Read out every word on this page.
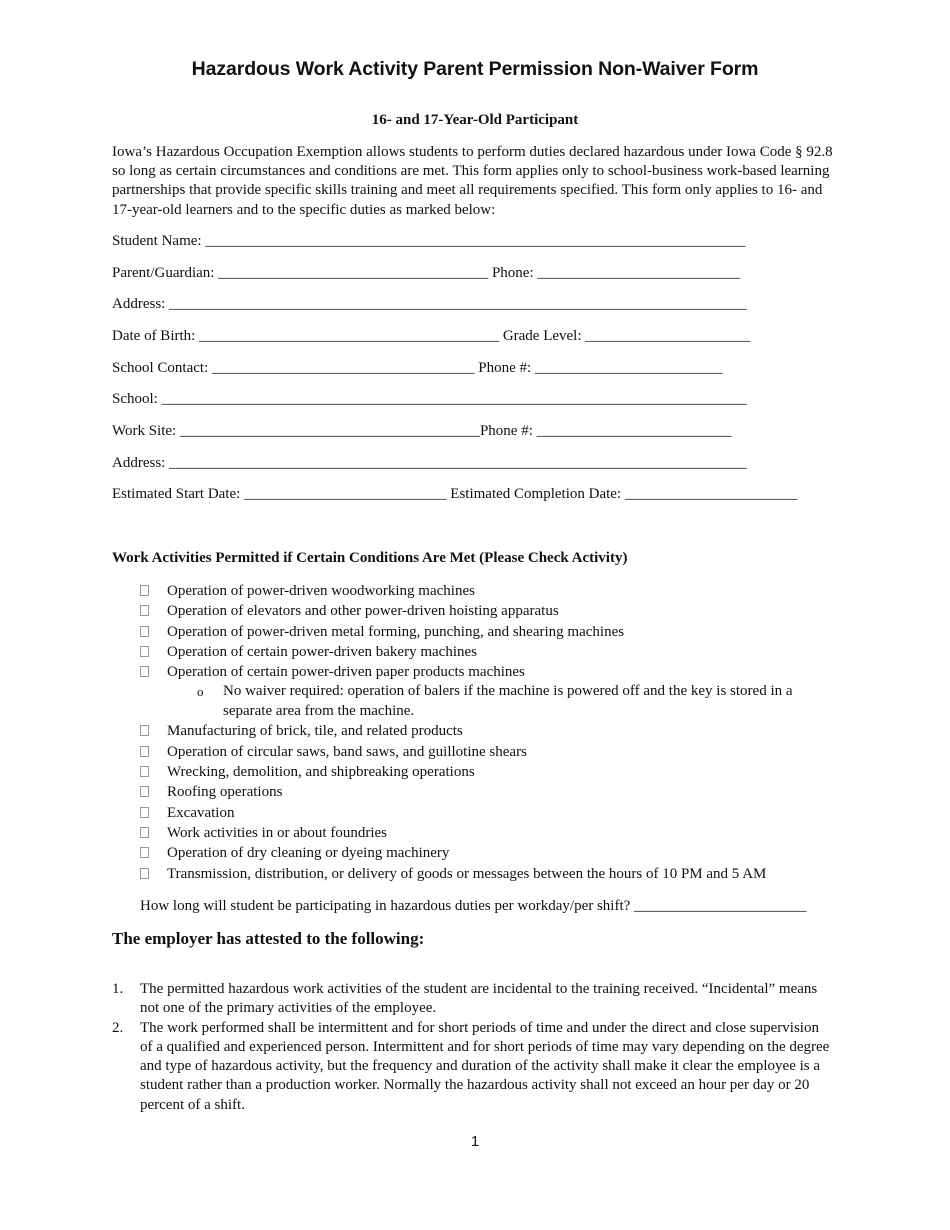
Hazardous Work Activity Parent Permission Non-Waiver Form
16- and 17-Year-Old Participant
Iowa’s Hazardous Occupation Exemption allows students to perform duties declared hazardous under Iowa Code § 92.8 so long as certain circumstances and conditions are met. This form applies only to school-business work-based learning partnerships that provide specific skills training and meet all requirements specified. This form only applies to 16- and 17-year-old learners and to the specific duties as marked below:
Student Name: ________________________________________________________________________
Parent/Guardian: ____________________________________ Phone: ___________________________
Address: _____________________________________________________________________________
Date of Birth: ________________________________________ Grade Level: ______________________
School Contact: ___________________________________ Phone #: _________________________
School: ______________________________________________________________________________
Work Site: ________________________________________Phone #: __________________________
Address: _____________________________________________________________________________
Estimated Start Date: ___________________________ Estimated Completion Date: _______________________
Work Activities Permitted if Certain Conditions Are Met (Please Check Activity)
Operation of power-driven woodworking machines
Operation of elevators and other power-driven hoisting apparatus
Operation of power-driven metal forming, punching, and shearing machines
Operation of certain power-driven bakery machines
Operation of certain power-driven paper products machines
o No waiver required: operation of balers if the machine is powered off and the key is stored in a separate area from the machine.
Manufacturing of brick, tile, and related products
Operation of circular saws, band saws, and guillotine shears
Wrecking, demolition, and shipbreaking operations
Roofing operations
Excavation
Work activities in or about foundries
Operation of dry cleaning or dyeing machinery
Transmission, distribution, or delivery of goods or messages between the hours of 10 PM and 5 AM
How long will student be participating in hazardous duties per workday/per shift? _______________________
The employer has attested to the following:
1. The permitted hazardous work activities of the student are incidental to the training received. “Incidental” means not one of the primary activities of the employee.
2. The work performed shall be intermittent and for short periods of time and under the direct and close supervision of a qualified and experienced person. Intermittent and for short periods of time may vary depending on the degree and type of hazardous activity, but the frequency and duration of the activity shall make it clear the employee is a student rather than a production worker. Normally the hazardous activity shall not exceed an hour per day or 20 percent of a shift.
1
